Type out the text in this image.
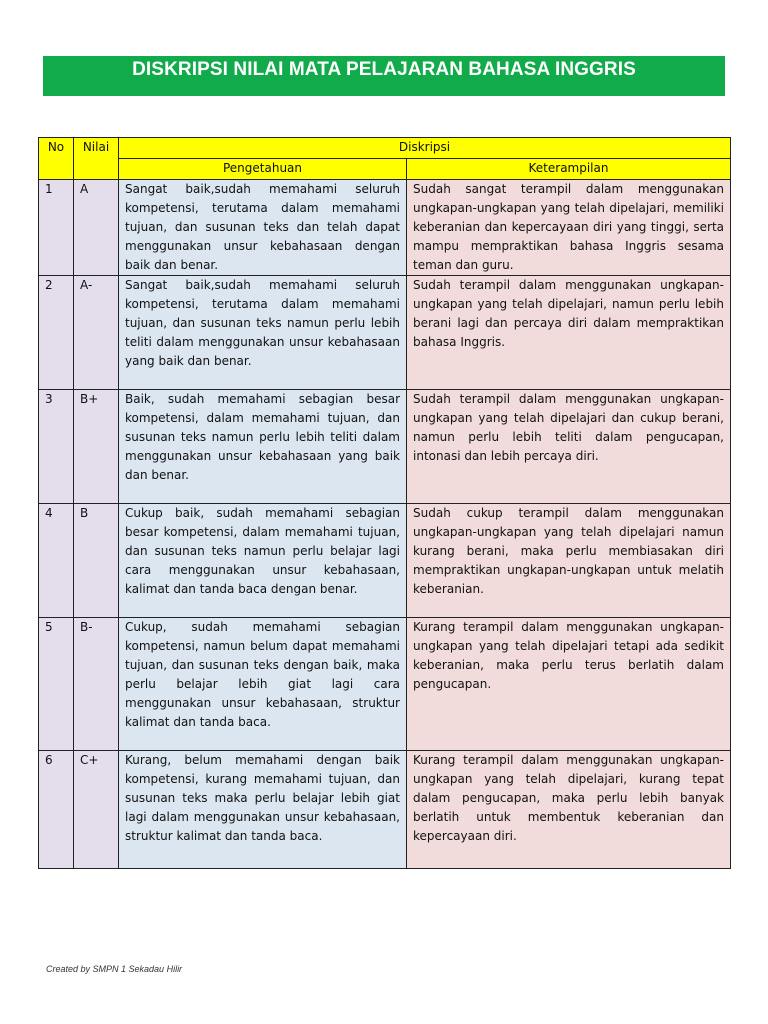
DISKRIPSI NILAI MATA PELAJARAN BAHASA INGGRIS
No	Nilai	Diskripsi	
		Pengetahuan	Keterampilan
1	A	Sangat baik,sudah memahami seluruh kompetensi, terutama dalam memahami tujuan, dan susunan teks dan telah dapat menggunakan unsur kebahasaan dengan baik dan benar.	Sudah sangat terampil dalam menggunakan ungkapan-ungkapan yang telah dipelajari, memiliki keberanian dan kepercayaan diri yang tinggi, serta mampu mempraktikan bahasa Inggris sesama teman dan guru.
2	A-	Sangat baik,sudah memahami seluruh kompetensi, terutama dalam memahami tujuan, dan susunan teks namun perlu lebih teliti dalam menggunakan unsur kebahasaan yang baik dan benar.	Sudah terampil dalam menggunakan ungkapan-ungkapan yang telah dipelajari, namun perlu lebih berani lagi dan percaya diri dalam mempraktikan bahasa Inggris.
3	B+	Baik, sudah memahami sebagian besar kompetensi, dalam memahami tujuan, dan susunan teks namun perlu lebih teliti dalam menggunakan unsur kebahasaan yang baik dan benar.	Sudah terampil dalam menggunakan ungkapan-ungkapan yang telah dipelajari dan cukup berani, namun perlu lebih teliti dalam pengucapan, intonasi dan lebih percaya diri.
4	B	Cukup baik, sudah memahami sebagian besar kompetensi, dalam memahami tujuan, dan susunan teks namun perlu belajar lagi cara menggunakan unsur kebahasaan, kalimat dan tanda baca dengan benar.	Sudah cukup terampil dalam menggunakan ungkapan-ungkapan yang telah dipelajari namun kurang berani, maka perlu membiasakan diri mempraktikan ungkapan-ungkapan untuk melatih keberanian.
5	B-	Cukup, sudah memahami sebagian kompetensi, namun belum dapat memahami tujuan, dan susunan teks dengan baik, maka perlu belajar lebih giat lagi cara menggunakan unsur kebahasaan, struktur kalimat dan tanda baca.	Kurang terampil dalam menggunakan ungkapan-ungkapan yang telah dipelajari tetapi ada sedikit keberanian, maka perlu terus berlatih dalam pengucapan.
6	C+	Kurang, belum memahami dengan baik kompetensi, kurang memahami tujuan, dan susunan teks maka perlu belajar lebih giat lagi dalam menggunakan unsur kebahasaan, struktur kalimat dan tanda baca.	Kurang terampil dalam menggunakan ungkapan-ungkapan yang telah dipelajari, kurang tepat dalam pengucapan, maka perlu lebih banyak berlatih untuk membentuk keberanian dan kepercayaan diri.
Created by SMPN 1 Sekadau Hilir
